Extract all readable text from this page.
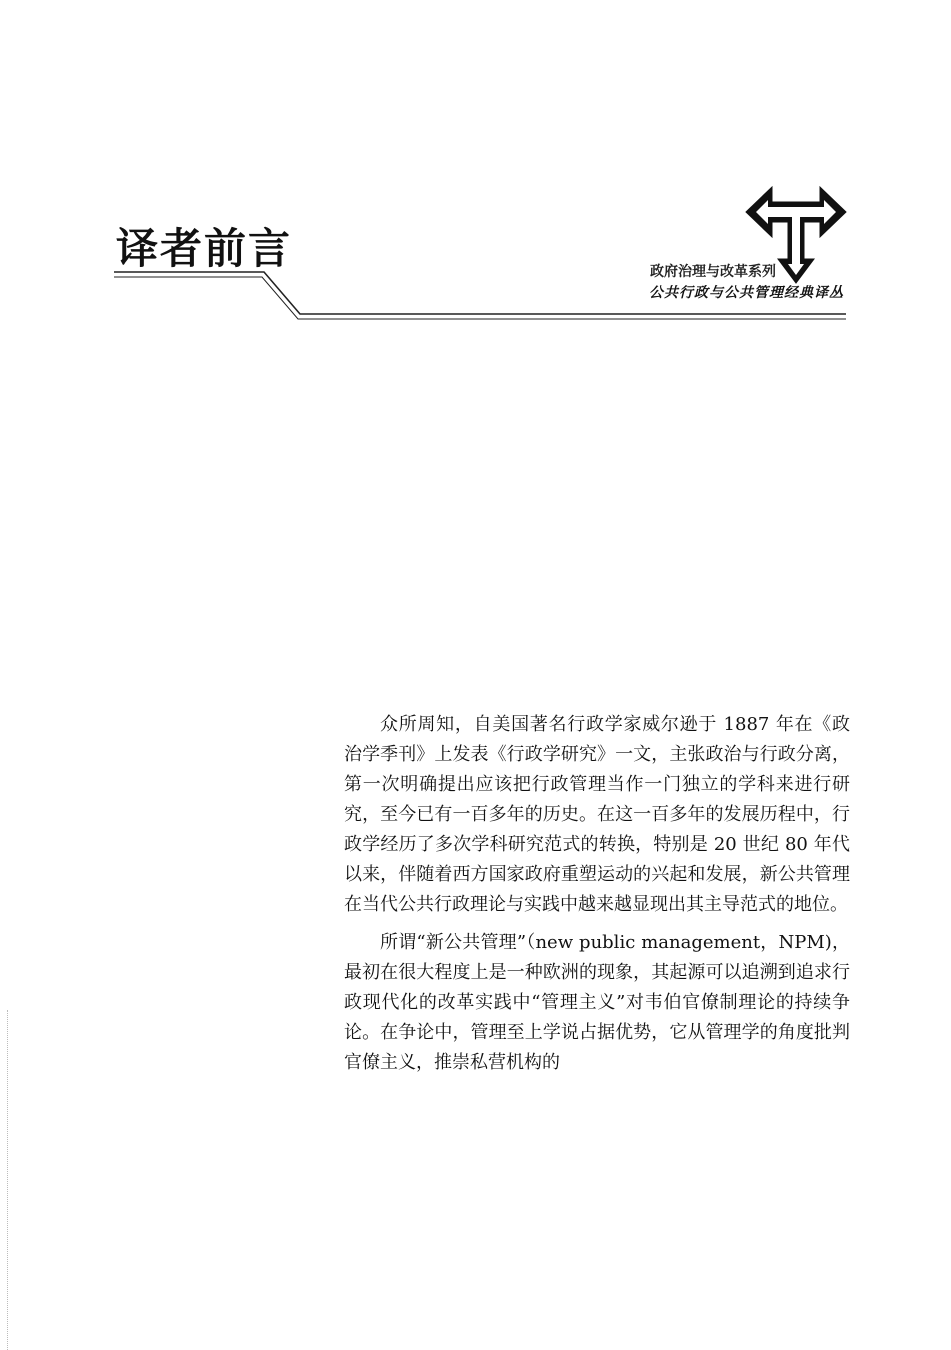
译者前言	政府治理与改革系列
公共行政与公共管理经典译丛

众所周知，自美国著名行政学家威尔逊于 1887 年在《政治学季刊》上发表《行政学研究》一文，主张政治与行政分离，第一次明确提出应该把行政管理当作一门独立的学科来进行研究，至今已有一百多年的历史。在这一百多年的发展历程中，行政学经历了多次学科研究范式的转换，特别是 20 世纪 80 年代以来，伴随着西方国家政府重塑运动的兴起和发展，新公共管理在当代公共行政理论与实践中越来越显现出其主导范式的地位。

所谓“新公共管理”（new public management，NPM)，最初在很大程度上是一种欧洲的现象，其起源可以追溯到追求行政现代化的改革实践中“管理主义”对韦伯官僚制理论的持续争论。在争论中，管理至上学说占据优势，它从管理学的角度批判官僚主义，推崇私营机构的
